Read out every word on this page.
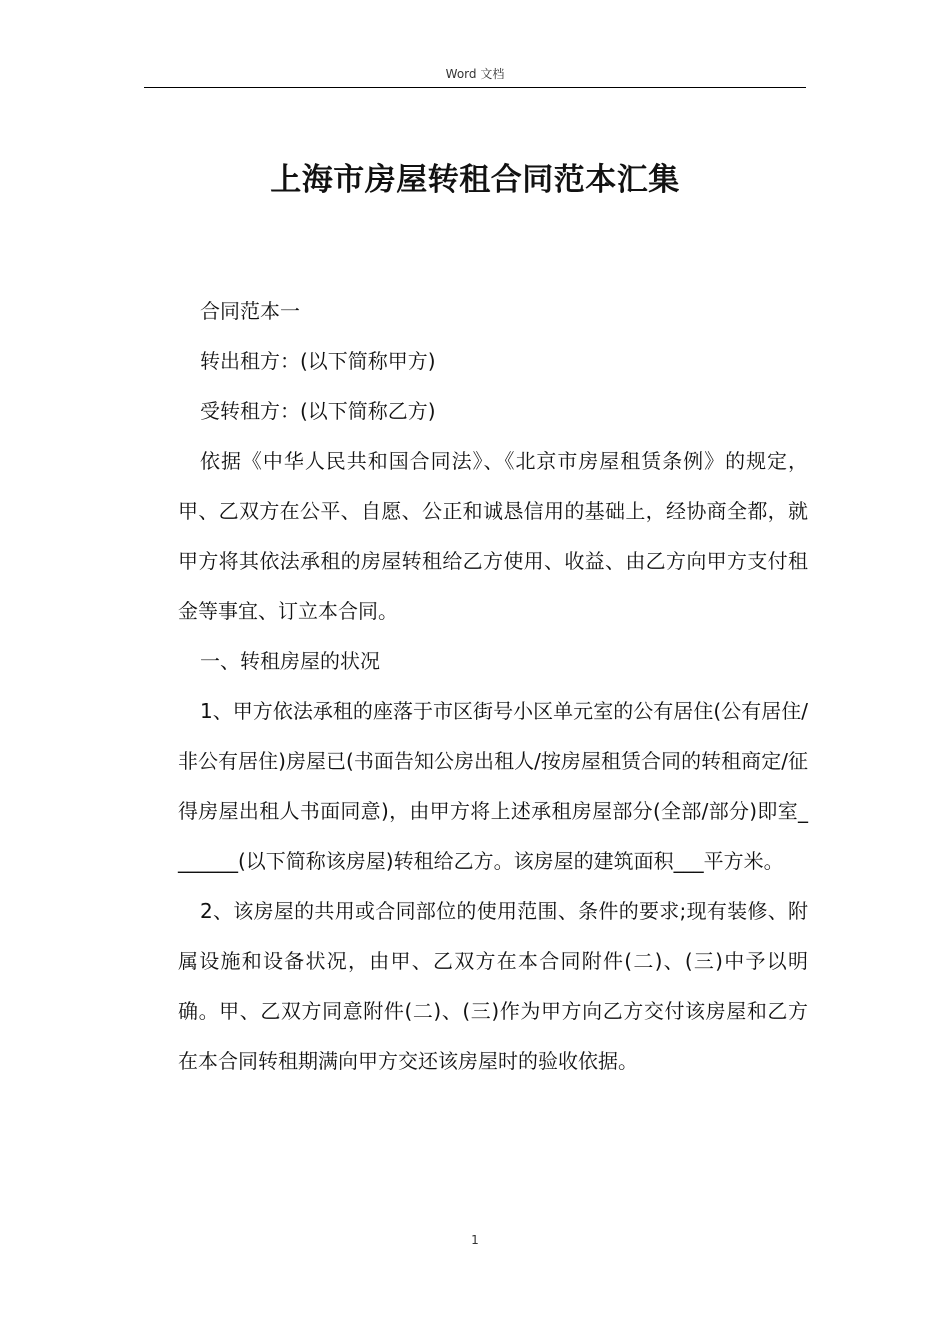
Word 文档
上海市房屋转租合同范本汇集

合同范本一

转出租方：(以下简称甲方)

受转租方：(以下简称乙方)

依据《中华人民共和国合同法》、《北京市房屋租赁条例》的规定，甲、乙双方在公平、自愿、公正和诚恳信用的基础上，经协商全都，就甲方将其依法承租的房屋转租给乙方使用、收益、由乙方向甲方支付租金等事宜、订立本合同。

一、转租房屋的状况

1、甲方依法承租的座落于市区街号小区单元室的公有居住(公有居住/非公有居住)房屋已(书面告知公房出租人/按房屋租赁合同的转租商定/征得房屋出租人书面同意)，由甲方将上述承租房屋部分(全部/部分)即室_______(以下简称该房屋)转租给乙方。该房屋的建筑面积___平方米。

2、该房屋的共用或合同部位的使用范围、条件的要求;现有装修、附属设施和设备状况，由甲、乙双方在本合同附件(二)、(三)中予以明确。甲、乙双方同意附件(二)、(三)作为甲方向乙方交付该房屋和乙方在本合同转租期满向甲方交还该房屋时的验收依据。

1
